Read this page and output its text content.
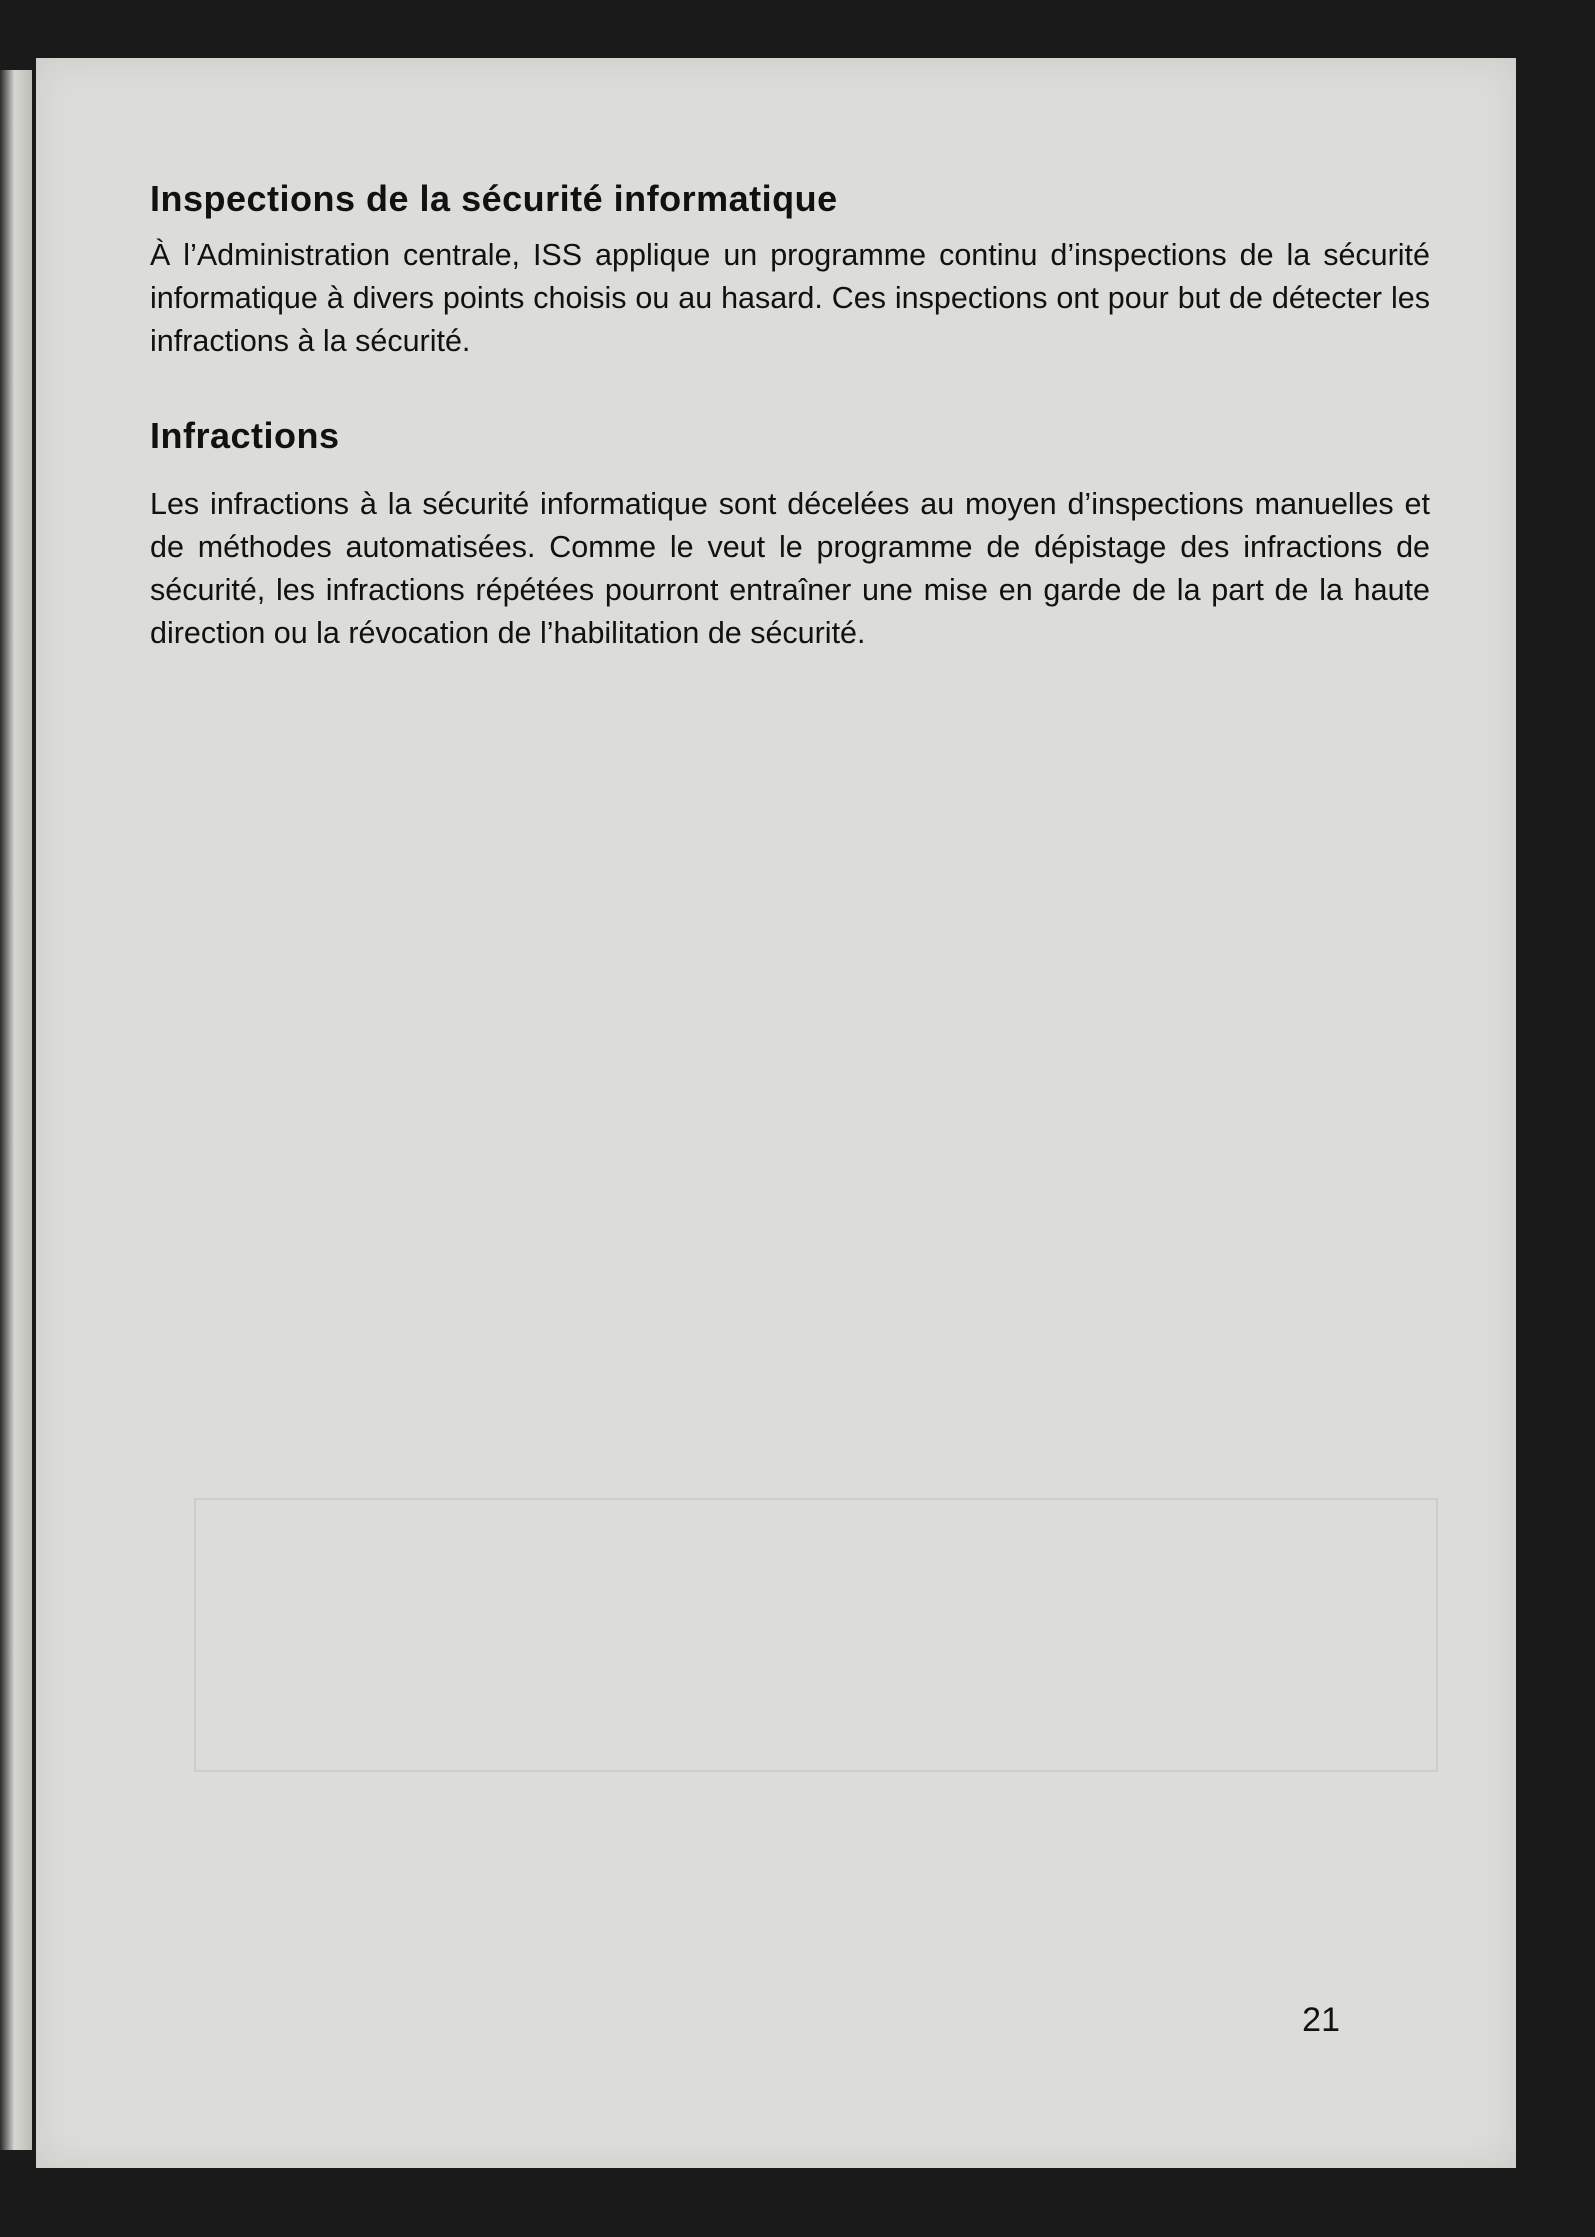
Inspections de la sécurité informatique

À l’Administration centrale, ISS applique un programme continu d’inspections de la sécurité informatique à divers points choisis ou au hasard. Ces inspections ont pour but de détecter les infractions à la sécurité.

Infractions

Les infractions à la sécurité informatique sont décelées au moyen d’inspections manuelles et de méthodes automatisées. Comme le veut le programme de dépistage des infractions de sécurité, les infractions répétées pourront entraîner une mise en garde de la part de la haute direction ou la révocation de l’habilitation de sécurité.

21
